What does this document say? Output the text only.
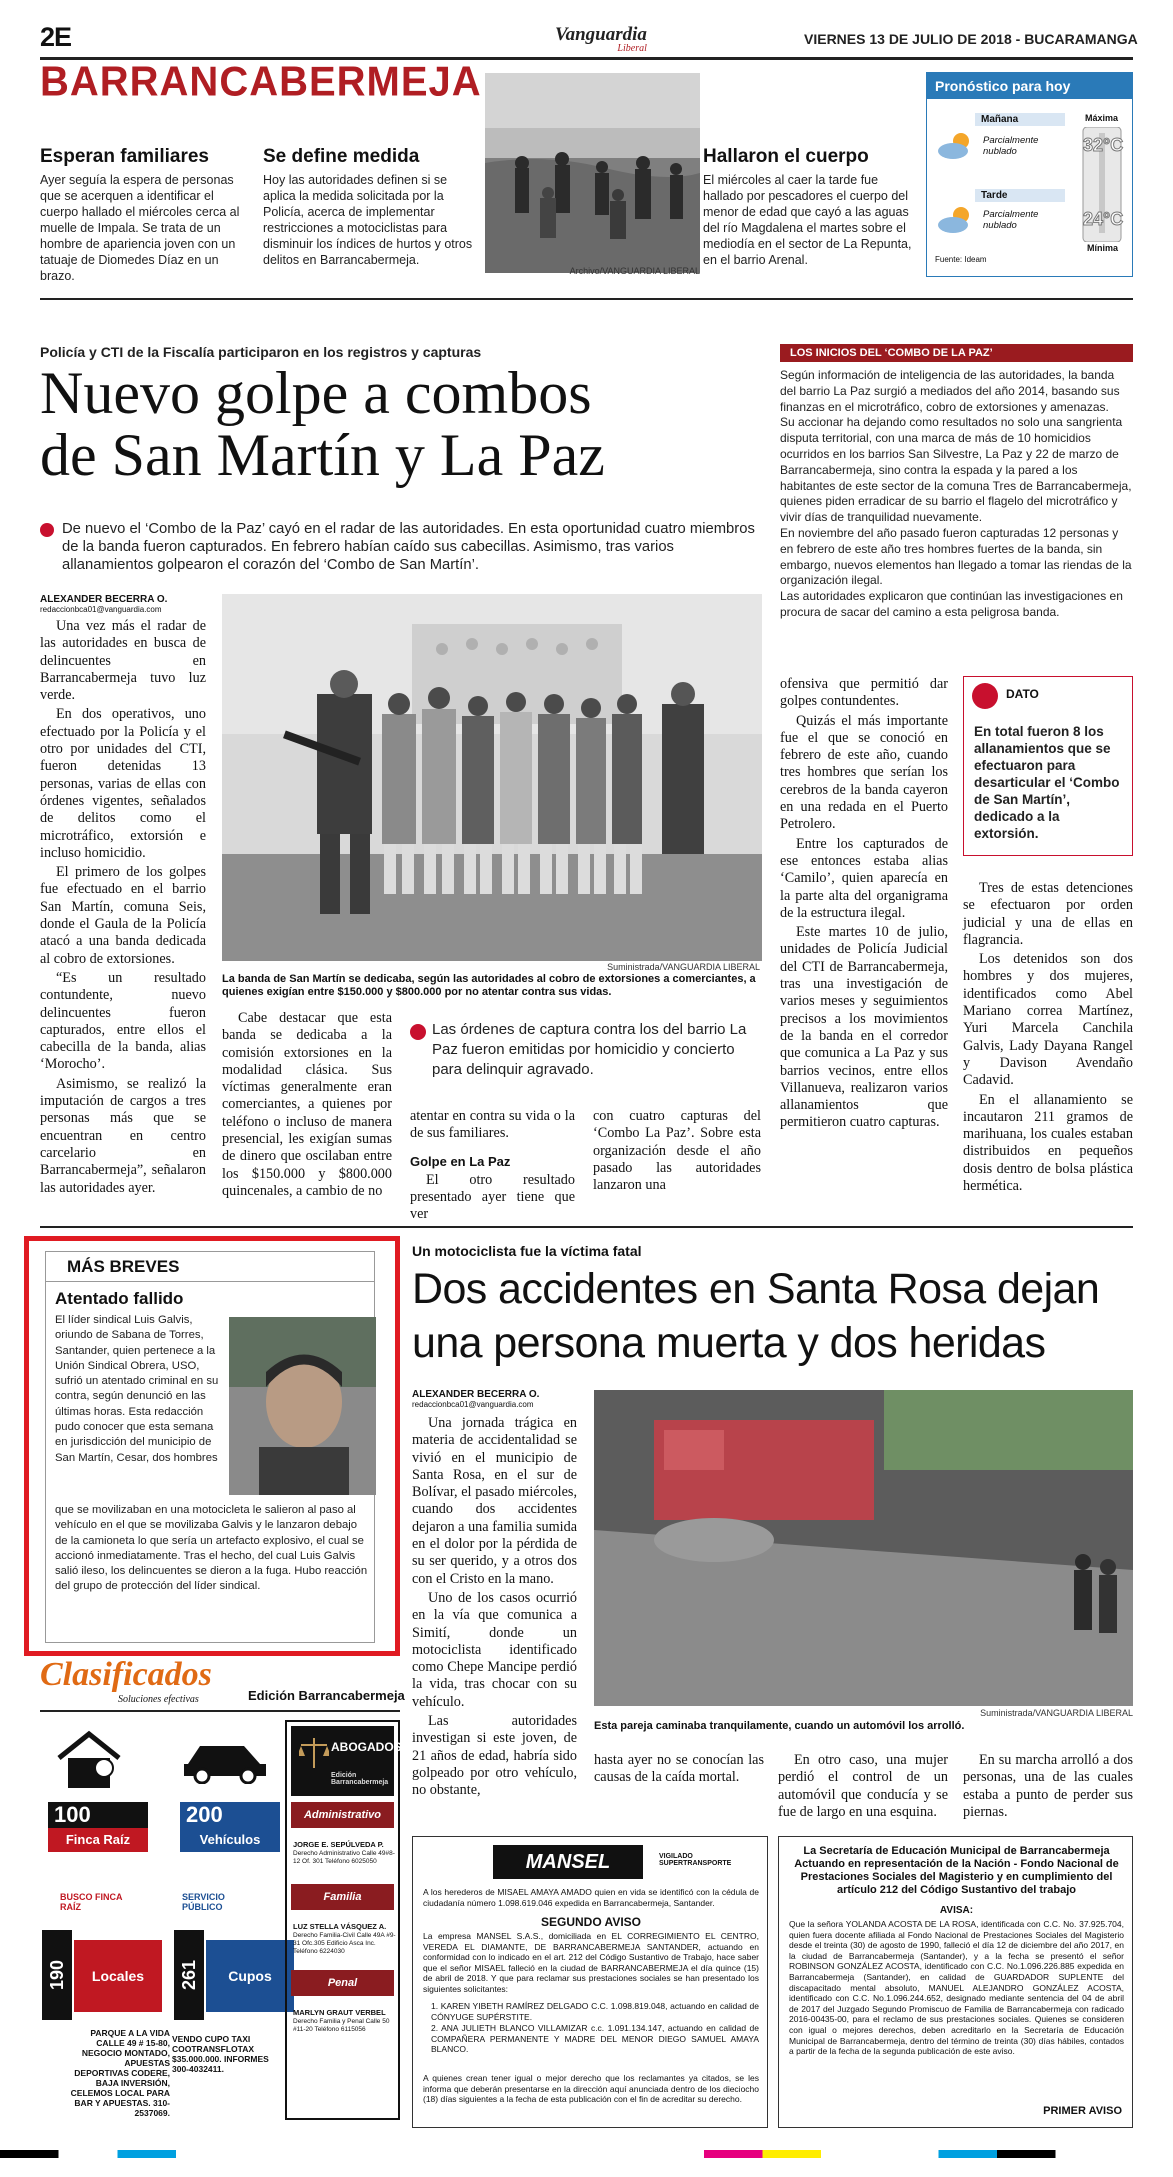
2E	Vanguardia
Liberal
VIERNES 13 DE JULIO DE 2018 - BUCARAMANGA
BARRANCABERMEJA
Esperan familiares
Ayer seguía la espera de personas que se acerquen a identificar el cuerpo hallado el miércoles cerca al muelle de Impala. Se trata de un hombre de apariencia joven con un tatuaje de Diomedes Díaz en un brazo.
Se define medida
Hoy las autoridades definen si se aplica la medida solicitada por la Policía, acerca de implementar restricciones a motociclistas para disminuir los índices de hurtos y otros delitos en Barrancabermeja.
Archivo/VANGUARDIA LIBERAL
Hallaron el cuerpo
El miércoles al caer la tarde fue hallado por pescadores el cuerpo del menor de edad que cayó a las aguas del río Magdalena el martes sobre el mediodía en el sector de La Repunta, en el barrio Arenal.
Pronóstico para hoy
Mañana
Parcialmente nublado
Tarde
Parcialmente nublado
Fuente: Ideam
Máxima
32°C
24°C
Mínima
Policía y CTI de la Fiscalía participaron en los registros y capturas
Nuevo golpe a combos
de San Martín y La Paz
De nuevo el ‘Combo de la Paz’ cayó en el radar de las autoridades. En esta oportunidad cuatro miembros de la banda fueron capturados. En febrero habían caído sus cabecillas. Asimismo, tras varios allanamientos golpearon el corazón del ‘Combo de San Martín’.
ALEXANDER BECERRA O.
redaccionbca01@vanguardia.com

Una vez más el radar de las autoridades en busca de delincuentes en Barrancabermeja tuvo luz verde.

En dos operativos, uno efectuado por la Policía y el otro por unidades del CTI, fueron detenidas 13 personas, varias de ellas con órdenes vigentes, señalados de delitos como el microtráfico, extorsión e incluso homicidio.

El primero de los golpes fue efectuado en el barrio San Martín, comuna Seis, donde el Gaula de la Policía atacó a una banda dedicada al cobro de extorsiones.

“Es un resultado contundente, nuevo delincuentes fueron capturados, entre ellos el cabecilla de la banda, alias ‘Morocho’.

Asimismo, se realizó la imputación de cargos a tres personas más que se encuentran en centro carcelario en Barrancabermeja”, señalaron las autoridades ayer.

Suministrada/VANGUARDIA LIBERAL
La banda de San Martín se dedicaba, según las autoridades al cobro de extorsiones a comerciantes, a quienes exigían entre $150.000 y $800.000 por no atentar contra sus vidas.

Cabe destacar que esta banda se dedicaba a la comisión extorsiones en la modalidad clásica. Sus víctimas generalmente eran comerciantes, a quienes por teléfono o incluso de manera presencial, les exigían sumas de dinero que oscilaban entre los $150.000 y $800.000 quincenales, a cambio de no

Las órdenes de captura contra los del barrio La Paz fueron emitidas por homicidio y concierto para delinquir agravado.

atentar en contra su vida o la de sus familiares.

Golpe en La Paz

El otro resultado presentado ayer tiene que ver

con cuatro capturas del ‘Combo La Paz’. Sobre esta organización desde el año pasado las autoridades lanzaron una

LOS INICIOS DEL ‘COMBO DE LA PAZ’

Según información de inteligencia de las autoridades, la banda del barrio La Paz surgió a mediados del año 2014, basando sus finanzas en el microtráfico, cobro de extorsiones y amenazas.

Su accionar ha dejando como resultados no solo una sangrienta disputa territorial, con una marca de más de 10 homicidios ocurridos en los barrios San Silvestre, La Paz y 22 de marzo de Barrancabermeja, sino contra la espada y la pared a los habitantes de este sector de la comuna Tres de Barrancabermeja, quienes piden erradicar de su barrio el flagelo del microtráfico y vivir días de tranquilidad nuevamente.

En noviembre del año pasado fueron capturadas 12 personas y en febrero de este año tres hombres fuertes de la banda, sin embargo, nuevos elementos han llegado a tomar las riendas de la organización ilegal.

Las autoridades explicaron que continúan las investigaciones en procura de sacar del camino a esta peligrosa banda.

ofensiva que permitió dar golpes contundentes.

Quizás el más importante fue el que se conoció en febrero de este año, cuando tres hombres que serían los cerebros de la banda cayeron en una redada en el Puerto Petrolero.

Entre los capturados de ese entonces estaba alias ‘Camilo’, quien aparecía en la parte alta del organigrama de la estructura ilegal.

Este martes 10 de julio, unidades de Policía Judicial del CTI de Barrancabermeja, tras una investigación de varios meses y seguimientos precisos a los movimientos de la banda en el corredor que comunica a La Paz y sus barrios vecinos, entre ellos Villanueva, realizaron varios allanamientos que permitieron cuatro capturas.

DATO
En total fueron 8 los allanamientos que se efectuaron para desarticular el ‘Combo de San Martín’, dedicado a la extorsión.

Tres de estas detenciones se efectuaron por orden judicial y una de ellas en flagrancia.

Los detenidos son dos hombres y dos mujeres, identificados como Abel Mariano correa Martínez, Yuri Marcela Canchila Galvis, Lady Dayana Rangel y Davison Avendaño Cadavid.

En el allanamiento se incautaron 211 gramos de marihuana, los cuales estaban distribuidos en pequeños dosis dentro de bolsa plástica hermética.

MÁS BREVES
Atentado fallido
El líder sindical Luis Galvis, oriundo de Sabana de Torres, Santander, quien pertenece a la Unión Sindical Obrera, USO, sufrió un atentado criminal en su contra, según denunció en las últimas horas. Esta redacción pudo conocer que esta semana en jurisdicción del municipio de San Martín, Cesar, dos hombres
que se movilizaban en una motocicleta le salieron al paso al vehículo en el que se movilizaba Galvis y le lanzaron debajo de la camioneta lo que sería un artefacto explosivo, el cual se accionó inmediatamente. Tras el hecho, del cual Luis Galvis salió ileso, los delincuentes se dieron a la fuga. Hubo reacción del grupo de protección del líder sindical.
Un motociclista fue la víctima fatal
Dos accidentes en Santa Rosa dejan
una persona muerta y dos heridas
ALEXANDER BECERRA O.
redaccionbca01@vanguardia.com

Una jornada trágica en materia de accidentalidad se vivió en el municipio de Santa Rosa, en el sur de Bolívar, el pasado miércoles, cuando dos accidentes dejaron a una familia sumida en el dolor por la pérdida de su ser querido, y a otros dos con el Cristo en la mano.

Uno de los casos ocurrió en la vía que comunica a Simití, donde un motociclista identificado como Chepe Mancipe perdió la vida, tras chocar con su vehículo.

Las autoridades investigan si este joven, de 21 años de edad, habría sido golpeado por otro vehículo, no obstante,

Suministrada/VANGUARDIA LIBERAL
Esta pareja caminaba tranquilamente, cuando un automóvil los arrolló.

hasta ayer no se conocían las causas de la caída mortal.

En otro caso, una mujer perdió el control de un automóvil que conducía y se fue de largo en una esquina.

En su marcha arrolló a dos personas, una de las cuales estaba a punto de perder sus piernas.

Clasificados
Soluciones efectivas	Edición Barrancabermeja
100
Finca Raíz
BUSCO FINCA RAÍZ
200
Vehículos
SERVICIO PÚBLICO
190	Locales	261	Cupos
PARQUE A LA VIDA CALLE 49 # 15-80, NEGOCIO MONTADO, APUESTAS DEPORTIVAS CODERE, BAJA INVERSIÓN, CELEMOS LOCAL PARA BAR Y APUESTAS. 310-2537069.
VENDO CUPO TAXI COOTRANSFLOTAX $35.000.000. INFORMES 300-4032411.
ABOGADOS
Edición Barrancabermeja
Administrativo
JORGE E. SEPÚLVEDA P.
Derecho Administrativo Calle 49#8-12 Of. 301 Teléfono 6025050
Familia
LUZ STELLA VÁSQUEZ A.
Derecho Familia-Civil Calle 49A #9-31 Ofc.305 Edificio Asca Inc. Teléfono 6224030
Penal
MARLYN GRAUT VERBEL
Derecho Familia y Penal Calle 50 #11-20 Teléfono 6115056
MANSEL	VIGILADO SUPERTRANSPORTE
A los herederos de MISAEL AMAYA AMADO quien en vida se identificó con la cédula de ciudadanía número 1.098.619.046 expedida en Barrancabermeja, Santander.
SEGUNDO AVISO
La empresa MANSEL S.A.S., domiciliada en EL CORREGIMIENTO EL CENTRO, VEREDA EL DIAMANTE, DE BARRANCABERMEJA SANTANDER, actuando en conformidad con lo indicado en el art. 212 del Código Sustantivo de Trabajo, hace saber que el señor MISAEL falleció en la ciudad de BARRANCABERMEJA el día quince (15) de abril de 2018. Y que para reclamar sus prestaciones sociales se han presentado los siguientes solicitantes:
1. KAREN YIBETH RAMÍREZ DELGADO C.C. 1.098.819.048, actuando en calidad de CÓNYUGE SUPÉRSTITE.
2. ANA JULIETH BLANCO VILLAMIZAR c.c. 1.091.134.147, actuando en calidad de COMPAÑERA PERMANENTE Y MADRE DEL MENOR DIEGO SAMUEL AMAYA BLANCO.
A quienes crean tener igual o mejor derecho que los reclamantes ya citados, se les informa que deberán presentarse en la dirección aquí anunciada dentro de los dieciocho (18) días siguientes a la fecha de esta publicación con el fin de acreditar su derecho.
La Secretaría de Educación Municipal de Barrancabermeja Actuando en representación de la Nación - Fondo Nacional de Prestaciones Sociales del Magisterio y en cumplimiento del artículo 212 del Código Sustantivo del trabajo
AVISA:
Que la señora YOLANDA ACOSTA DE LA ROSA, identificada con C.C. No. 37.925.704, quien fuera docente afiliada al Fondo Nacional de Prestaciones Sociales del Magisterio desde el treinta (30) de agosto de 1990, falleció el día 12 de diciembre del año 2017, en la ciudad de Barrancabermeja (Santander), y a la fecha se presentó el señor ROBINSON GONZÁLEZ ACOSTA, identificado con C.C. No.1.096.226.885 expedida en Barrancabermeja (Santander), en calidad de GUARDADOR SUPLENTE del discapacitado mental absoluto, MANUEL ALEJANDRO GONZÁLEZ ACOSTA, identificado con C.C. No.1.096.244.652, designado mediante sentencia del 04 de abril de 2017 del Juzgado Segundo Promiscuo de Familia de Barrancabermeja con radicado 2016-00435-00, para el reclamo de sus prestaciones sociales. Quienes se consideren con igual o mejores derechos, deben acreditarlo en la Secretaría de Educación Municipal de Barrancabermeja, dentro del término de treinta (30) días hábiles, contados a partir de la fecha de la segunda publicación de este aviso.
PRIMER AVISO
